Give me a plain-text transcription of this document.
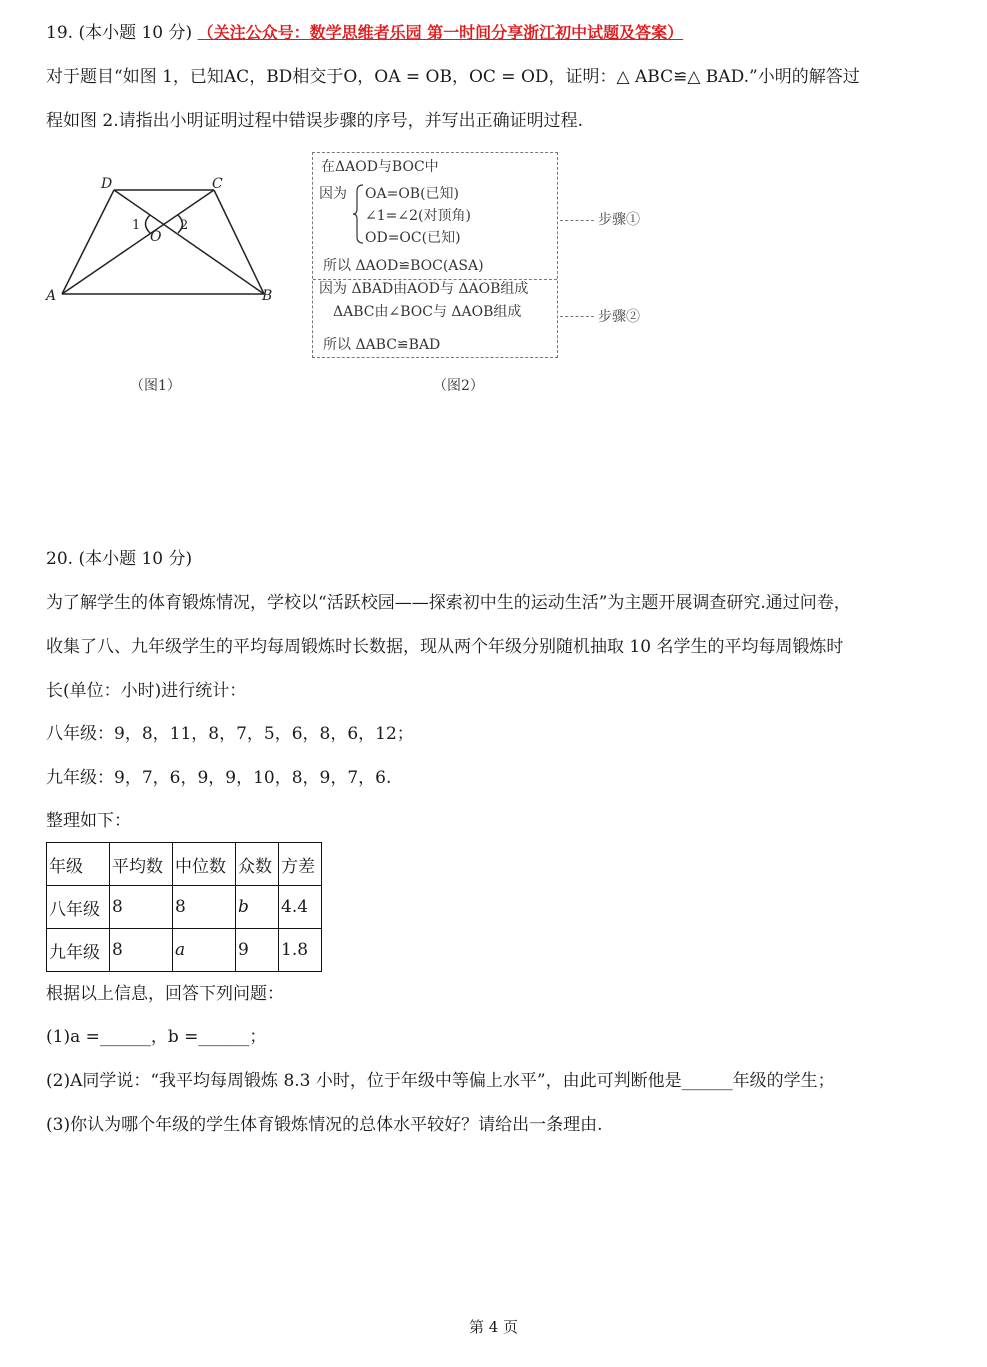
19. (本小题 10 分) （关注公众号：数学思维者乐园 第一时间分享浙江初中试题及答案）
对于题目“如图 1，已知AC，BD相交于O，OA = OB，OC = OD，证明：△ ABC≌△ BAD.”小明的解答过
程如图 2.请指出小明证明过程中错误步骤的序号，并写出正确证明过程.
D	C
A	B
O
1	2
（图1）
在ΔAOD与BOC中
因为 OA=OB(已知)
∠1=∠2(对顶角)
OD=OC(已知)
所以 ΔAOD≌BOC(ASA)
因为 ΔBAD由AOD与 ΔAOB组成
ΔABC由∠BOC与 ΔAOB组成
所以 ΔABC≌BAD
步骤①
步骤②
（图2）
20. (本小题 10 分)
为了解学生的体育锻炼情况，学校以“活跃校园——探索初中生的运动生活”为主题开展调查研究.通过问卷，
收集了八、九年级学生的平均每周锻炼时长数据，现从两个年级分别随机抽取 10 名学生的平均每周锻炼时
长(单位：小时)进行统计：
八年级：9，8，11，8，7，5，6，8，6，12；
九年级：9，7，6，9，9，10，8，9，7，6.
整理如下：
年级	平均数	中位数	众数	方差
八年级	8	8	b	4.4
九年级	8	a	9	1.8
根据以上信息，回答下列问题：
(1)a =______，b =______；
(2)A同学说：“我平均每周锻炼 8.3 小时，位于年级中等偏上水平”，由此可判断他是______年级的学生；
(3)你认为哪个年级的学生体育锻炼情况的总体水平较好？请给出一条理由.
第 4 页
